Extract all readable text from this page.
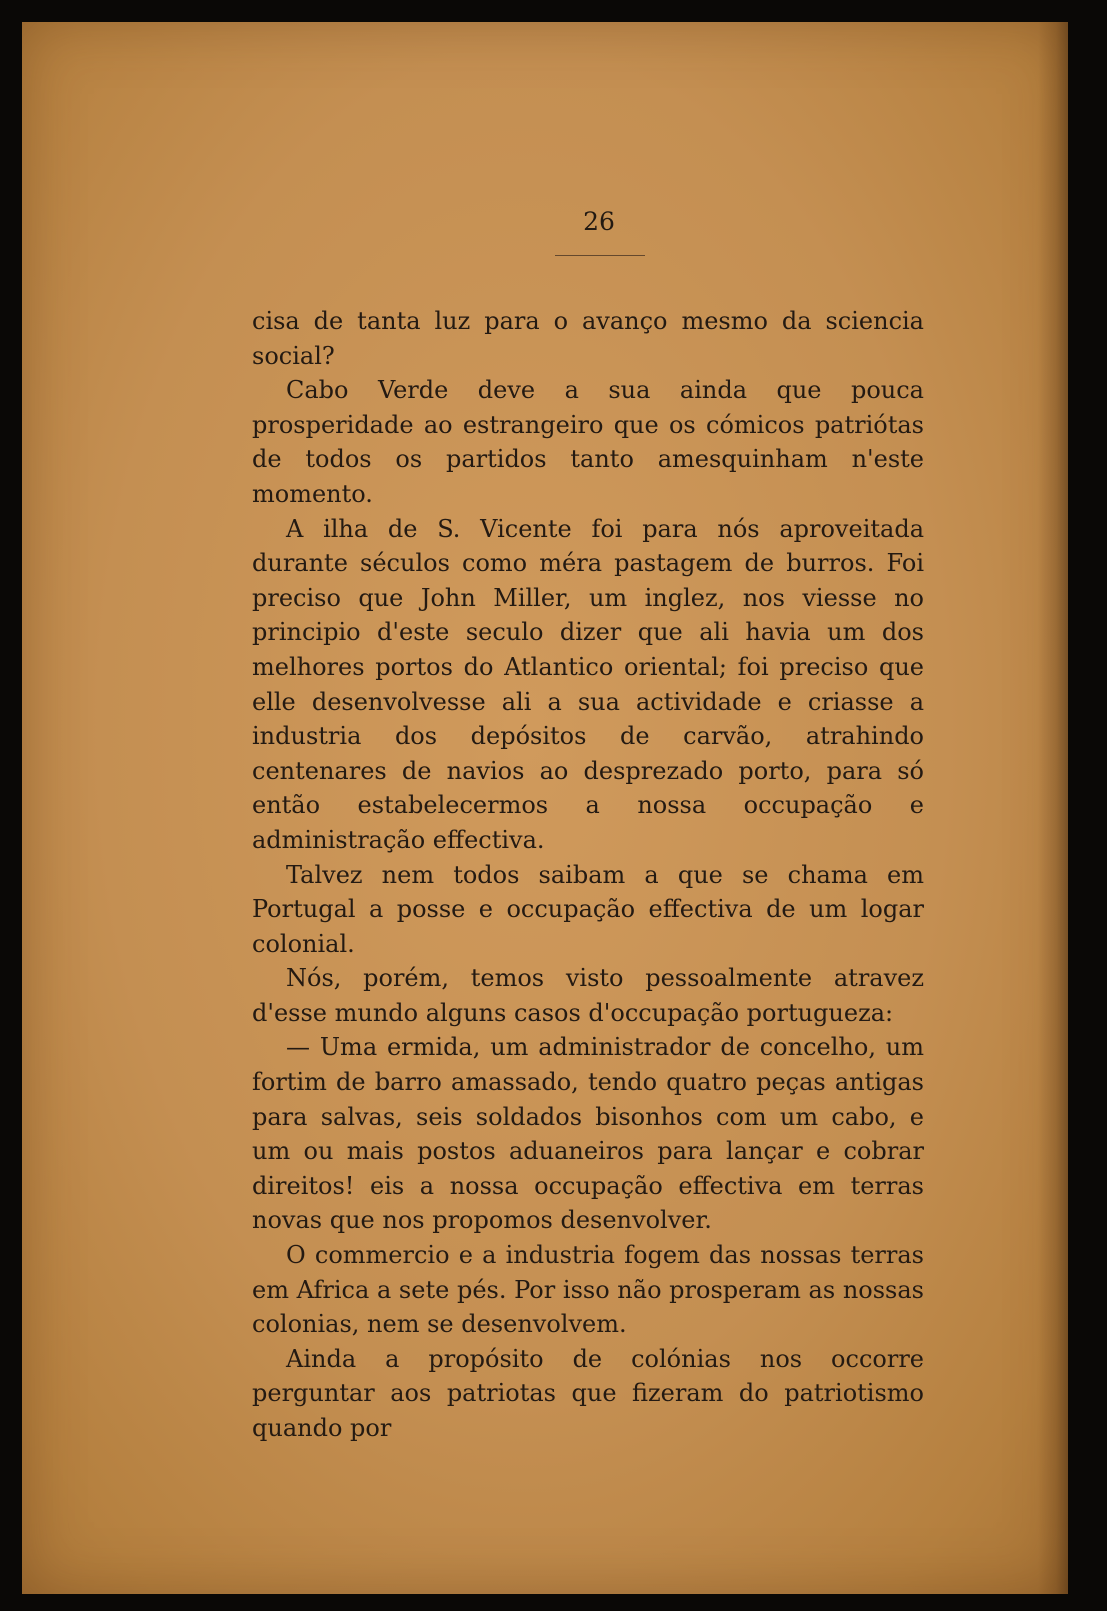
26

cisa de tanta luz para o avanço mesmo da sciencia social?

Cabo Verde deve a sua ainda que pouca prosperidade ao estrangeiro que os cómicos patriótas de todos os partidos tanto amesquinham n'este momento.

A ilha de S. Vicente foi para nós aproveitada durante séculos como méra pastagem de burros. Foi preciso que John Miller, um inglez, nos viesse no principio d'este seculo dizer que ali havia um dos melhores portos do Atlantico oriental; foi preciso que elle desenvolvesse ali a sua actividade e criasse a industria dos depósitos de carvão, atrahindo centenares de navios ao desprezado porto, para só então estabelecermos a nossa occupação e administração effectiva.

Talvez nem todos saibam a que se chama em Portugal a posse e occupação effectiva de um logar colonial.

Nós, porém, temos visto pessoalmente atravez d'esse mundo alguns casos d'occupação portugueza:

— Uma ermida, um administrador de concelho, um fortim de barro amassado, tendo quatro peças antigas para salvas, seis soldados bisonhos com um cabo, e um ou mais postos aduaneiros para lançar e cobrar direitos! eis a nossa occupação effectiva em terras novas que nos propomos desenvolver.

O commercio e a industria fogem das nossas terras em Africa a sete pés. Por isso não prosperam as nossas colonias, nem se desenvolvem.

Ainda a propósito de colónias nos occorre perguntar aos patriotas que fizeram do patriotismo quando por
